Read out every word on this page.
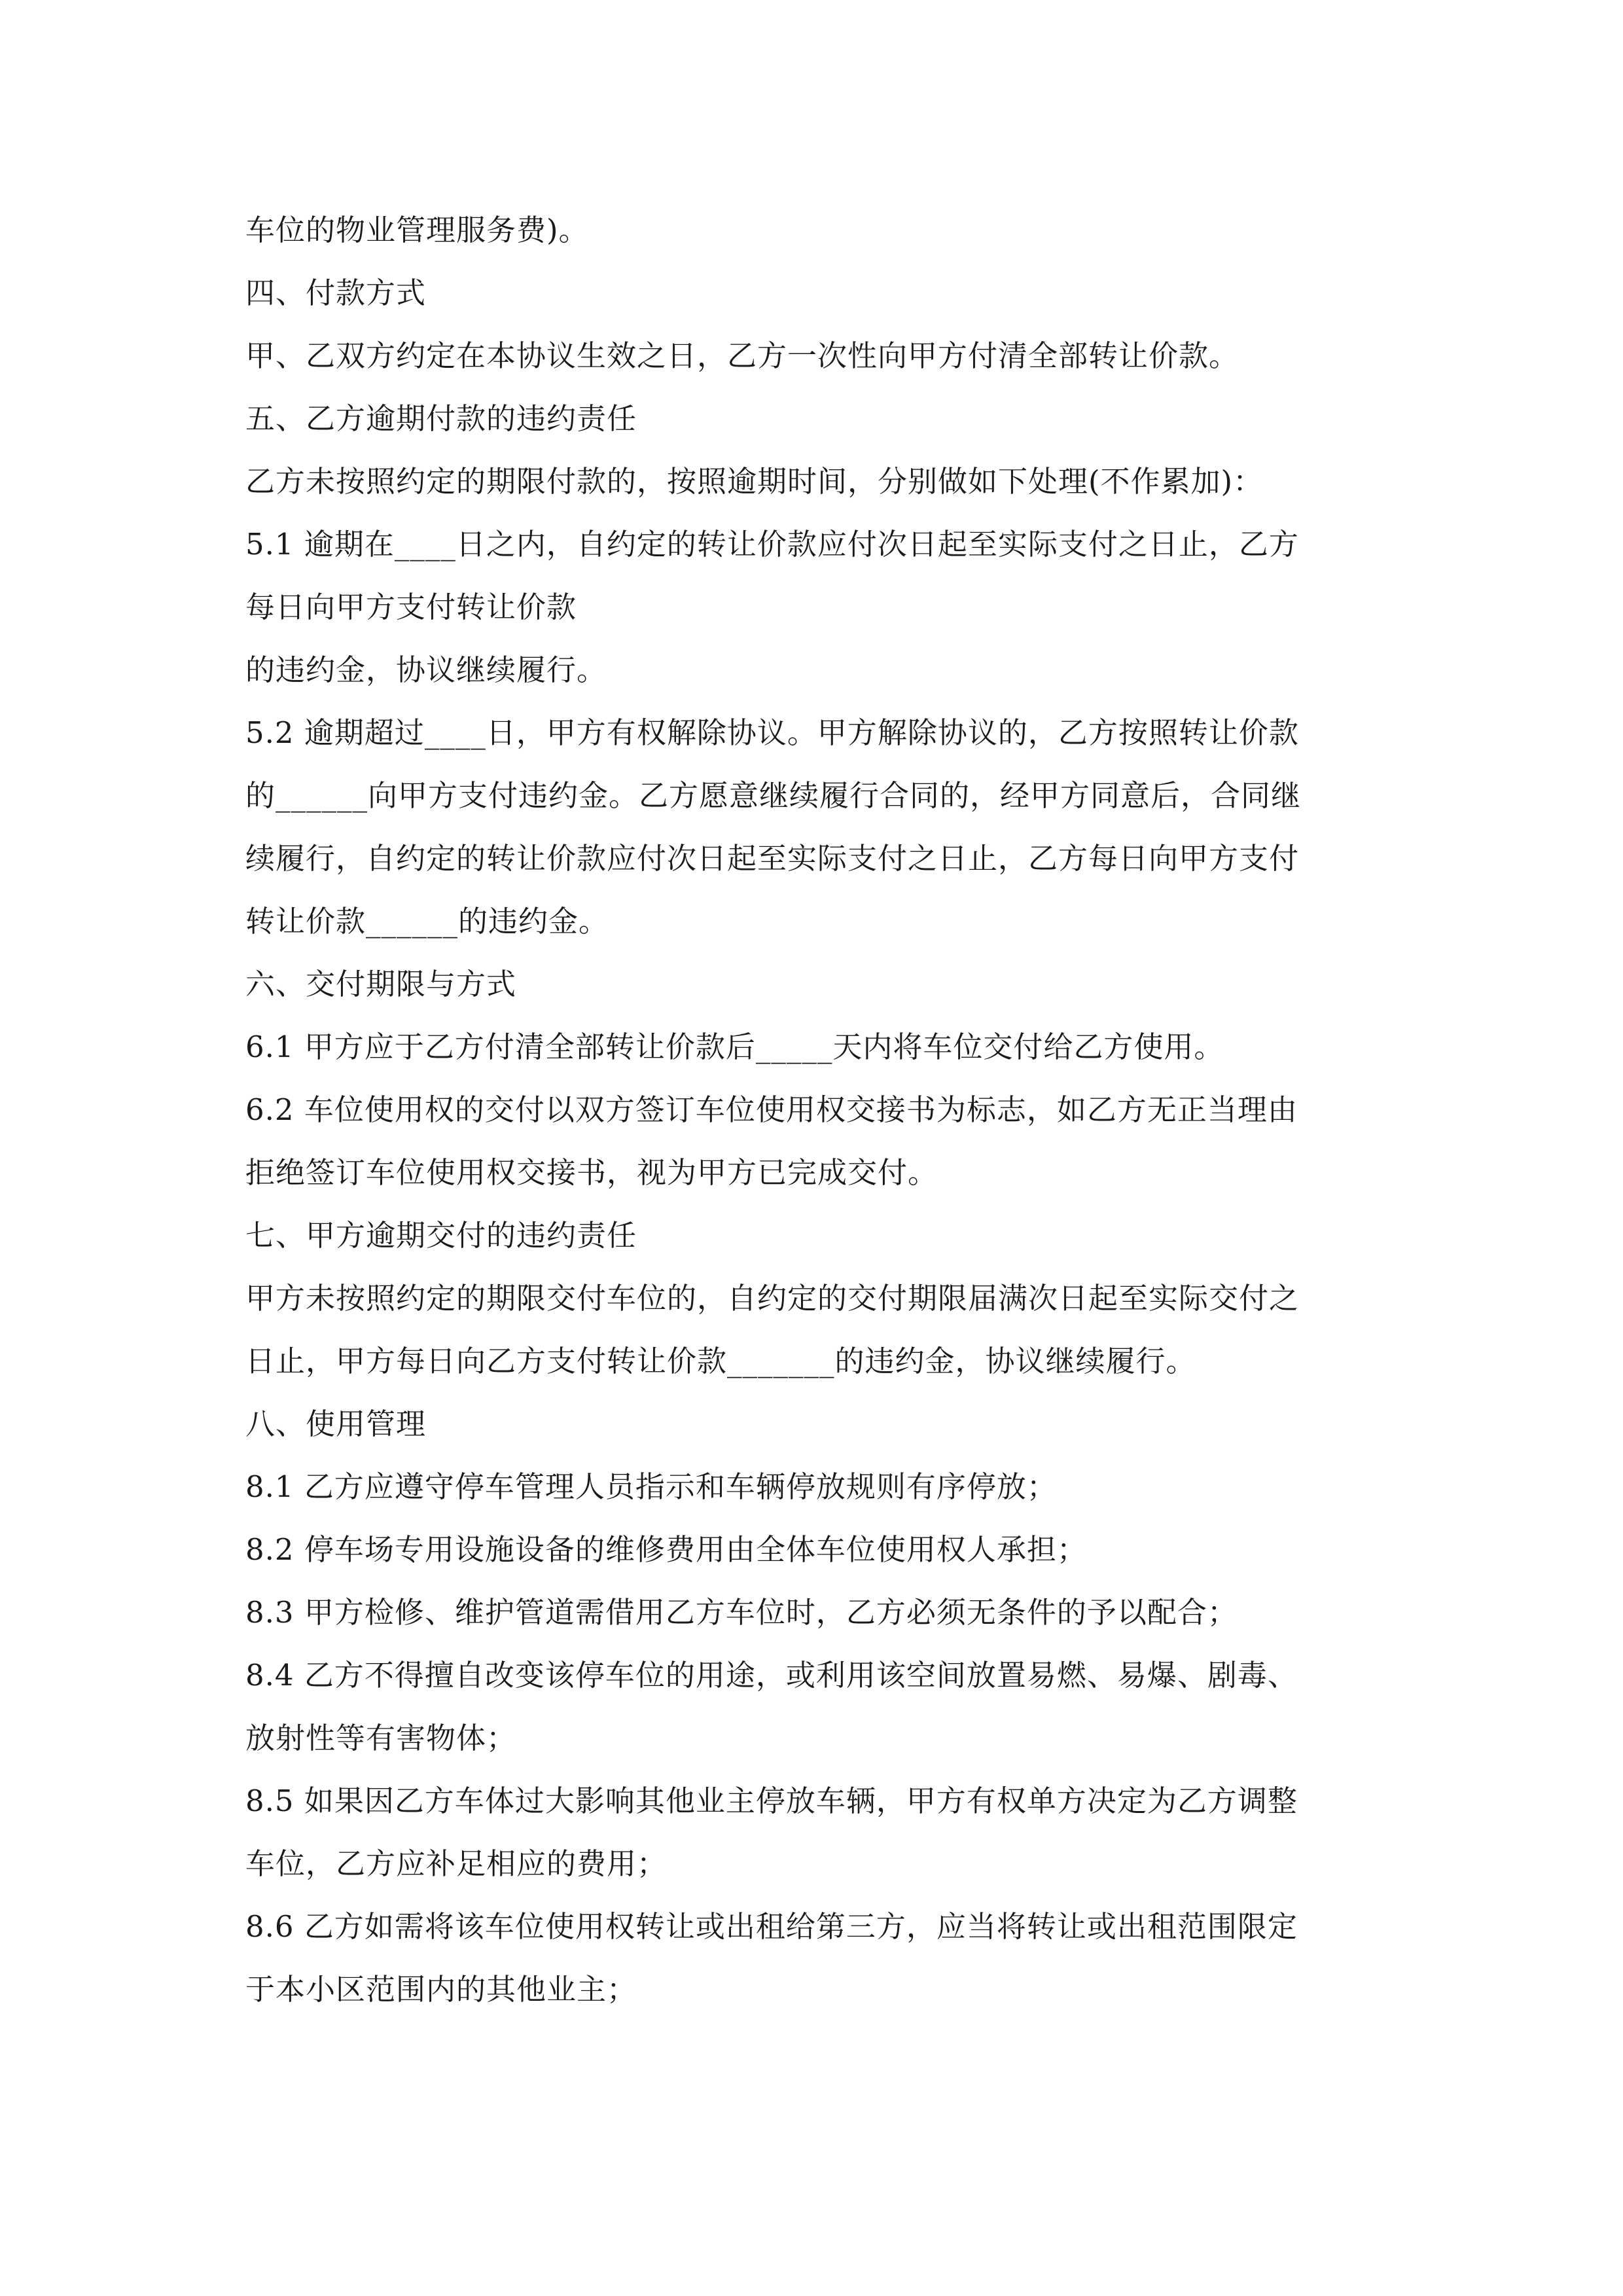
车位的物业管理服务费)。
四、付款方式
甲、乙双方约定在本协议生效之日，乙方一次性向甲方付清全部转让价款。
五、乙方逾期付款的违约责任
乙方未按照约定的期限付款的，按照逾期时间，分别做如下处理(不作累加)：
5.1 逾期在____日之内，自约定的转让价款应付次日起至实际支付之日止，乙方
每日向甲方支付转让价款
的违约金，协议继续履行。
5.2 逾期超过____日，甲方有权解除协议。甲方解除协议的，乙方按照转让价款
的______向甲方支付违约金。乙方愿意继续履行合同的，经甲方同意后，合同继
续履行，自约定的转让价款应付次日起至实际支付之日止，乙方每日向甲方支付
转让价款______的违约金。
六、交付期限与方式
6.1 甲方应于乙方付清全部转让价款后_____天内将车位交付给乙方使用。
6.2 车位使用权的交付以双方签订车位使用权交接书为标志，如乙方无正当理由
拒绝签订车位使用权交接书，视为甲方已完成交付。
七、甲方逾期交付的违约责任
甲方未按照约定的期限交付车位的，自约定的交付期限届满次日起至实际交付之
日止，甲方每日向乙方支付转让价款_______的违约金，协议继续履行。
八、使用管理
8.1 乙方应遵守停车管理人员指示和车辆停放规则有序停放；
8.2 停车场专用设施设备的维修费用由全体车位使用权人承担；
8.3 甲方检修、维护管道需借用乙方车位时，乙方必须无条件的予以配合；
8.4 乙方不得擅自改变该停车位的用途，或利用该空间放置易燃、易爆、剧毒、
放射性等有害物体；
8.5 如果因乙方车体过大影响其他业主停放车辆，甲方有权单方决定为乙方调整
车位，乙方应补足相应的费用；
8.6 乙方如需将该车位使用权转让或出租给第三方，应当将转让或出租范围限定
于本小区范围内的其他业主；
